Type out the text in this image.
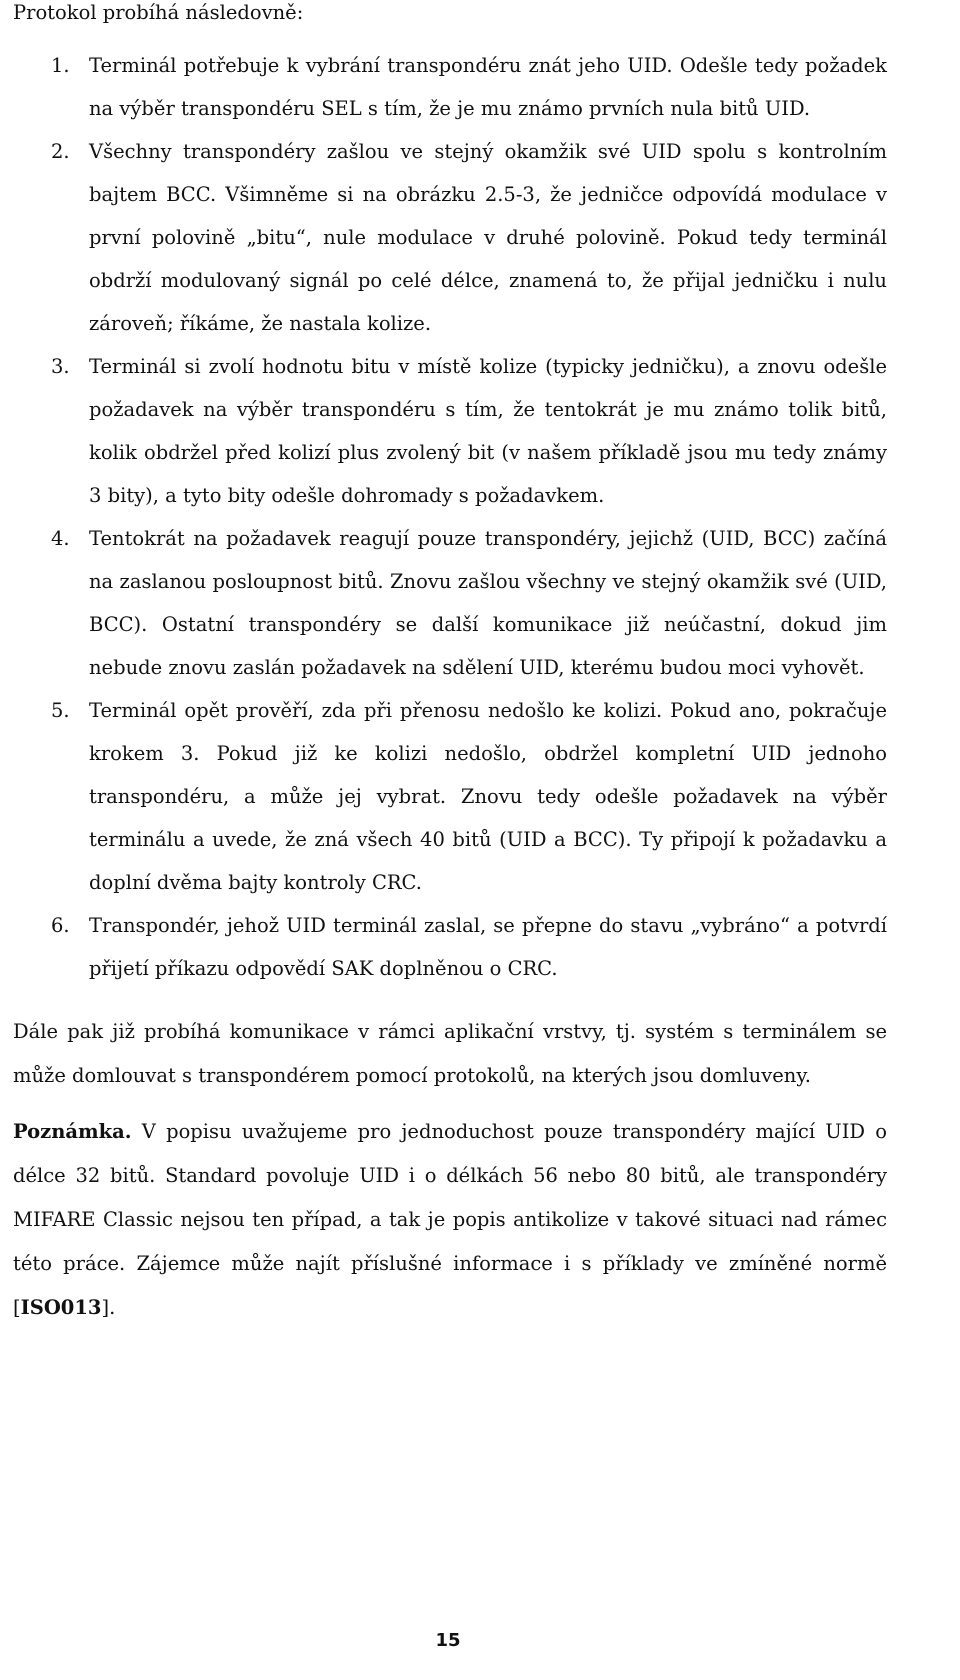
Protokol probíhá následovně:
1. Terminál potřebuje k vybrání transpondéru znát jeho UID. Odešle tedy požadek na výběr transpondéru SEL s tím, že je mu známo prvních nula bitů UID.
2. Všechny transpondéry zašlou ve stejný okamžik své UID spolu s kontrolním bajtem BCC. Všimněme si na obrázku 2.5-3, že jedničce odpovídá modulace v první polovině „bitu“, nule modulace v druhé polovině. Pokud tedy terminál obdrží modulovaný signál po celé délce, znamená to, že přijal jedničku i nulu zároveň; říkáme, že nastala kolize.
3. Terminál si zvolí hodnotu bitu v místě kolize (typicky jedničku), a znovu odešle požadavek na výběr transpondéru s tím, že tentokrát je mu známo tolik bitů, kolik obdržel před kolizí plus zvolený bit (v našem příkladě jsou mu tedy známy 3 bity), a tyto bity odešle dohromady s požadavkem.
4. Tentokrát na požadavek reagují pouze transpondéry, jejichž (UID, BCC) začíná na zaslanou posloupnost bitů. Znovu zašlou všechny ve stejný okamžik své (UID, BCC). Ostatní transpondéry se další komunikace již neúčastní, dokud jim nebude znovu zaslán požadavek na sdělení UID, kterému budou moci vyhovět.
5. Terminál opět prověří, zda při přenosu nedošlo ke kolizi. Pokud ano, pokračuje krokem 3. Pokud již ke kolizi nedošlo, obdržel kompletní UID jednoho transpondéru, a může jej vybrat. Znovu tedy odešle požadavek na výběr terminálu a uvede, že zná všech 40 bitů (UID a BCC). Ty připojí k požadavku a doplní dvěma bajty kontroly CRC.
6. Transpondér, jehož UID terminál zaslal, se přepne do stavu „vybráno“ a potvrdí přijetí příkazu odpovědí SAK doplněnou o CRC.

Dále pak již probíhá komunikace v rámci aplikační vrstvy, tj. systém s terminálem se může domlouvat s transpondérem pomocí protokolů, na kterých jsou domluveny.

Poznámka. V popisu uvažujeme pro jednoduchost pouze transpondéry mající UID o délce 32 bitů. Standard povoluje UID i o délkách 56 nebo 80 bitů, ale transpondéry MIFARE Classic nejsou ten případ, a tak je popis antikolize v takové situaci nad rámec této práce. Zájemce může najít příslušné informace i s příklady ve zmíněné normě [ISO013].

15
